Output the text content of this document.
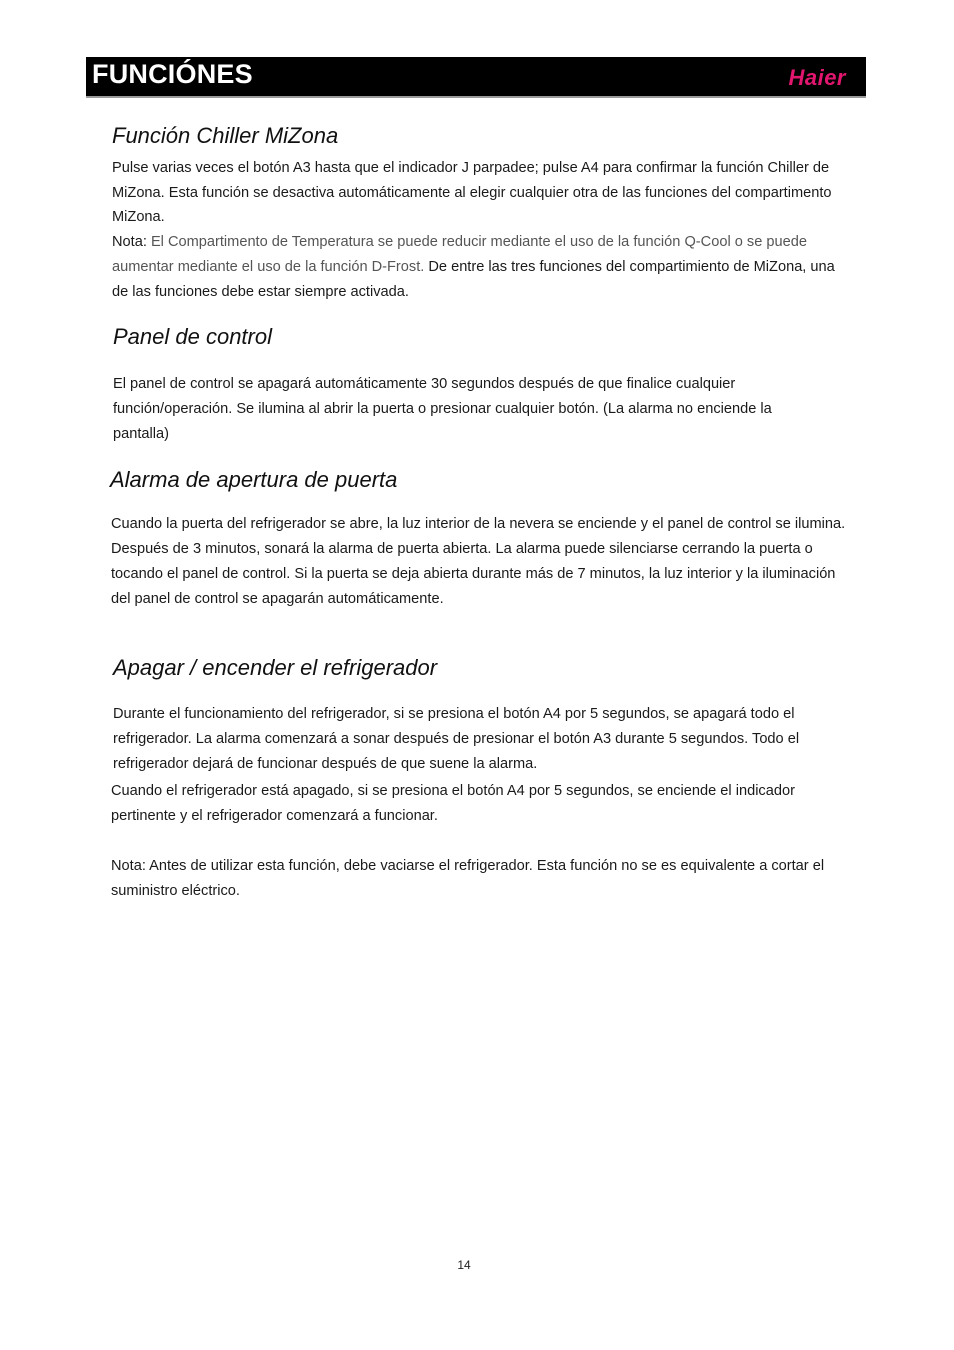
FUNCIÓNES	Haier
Función Chiller MiZona

Pulse varias veces el botón A3 hasta que el indicador J parpadee; pulse A4 para confirmar la función Chiller de MiZona. Esta función se desactiva automáticamente al elegir cualquier otra de las funciones del compartimento MiZona.

Nota: El Compartimento de Temperatura se puede reducir mediante el uso de la función Q-Cool o se puede aumentar mediante el uso de la función D-Frost. De entre las tres funciones del compartimiento de MiZona, una de las funciones debe estar siempre activada.

Panel de control

El panel de control se apagará automáticamente 30 segundos después de que finalice cualquier función/operación. Se ilumina al abrir la puerta o presionar cualquier botón. (La alarma no enciende la pantalla)

Alarma de apertura de puerta

Cuando la puerta del refrigerador se abre, la luz interior de la nevera se enciende y el panel de control se ilumina. Después de 3 minutos, sonará la alarma de puerta abierta. La alarma puede silenciarse cerrando la puerta o tocando el panel de control. Si la puerta se deja abierta durante más de 7 minutos, la luz interior y la iluminación del panel de control se apagarán automáticamente.

Apagar / encender el refrigerador

Durante el funcionamiento del refrigerador, si se presiona el botón A4 por 5 segundos, se apagará todo el refrigerador. La alarma comenzará a sonar después de presionar el botón A3 durante 5 segundos. Todo el refrigerador dejará de funcionar después de que suene la alarma.

Cuando el refrigerador está apagado, si se presiona el botón A4 por 5 segundos, se enciende el indicador pertinente y el refrigerador comenzará a funcionar.

Nota: Antes de utilizar esta función, debe vaciarse el refrigerador. Esta función no se es equivalente a cortar el suministro eléctrico.

14
